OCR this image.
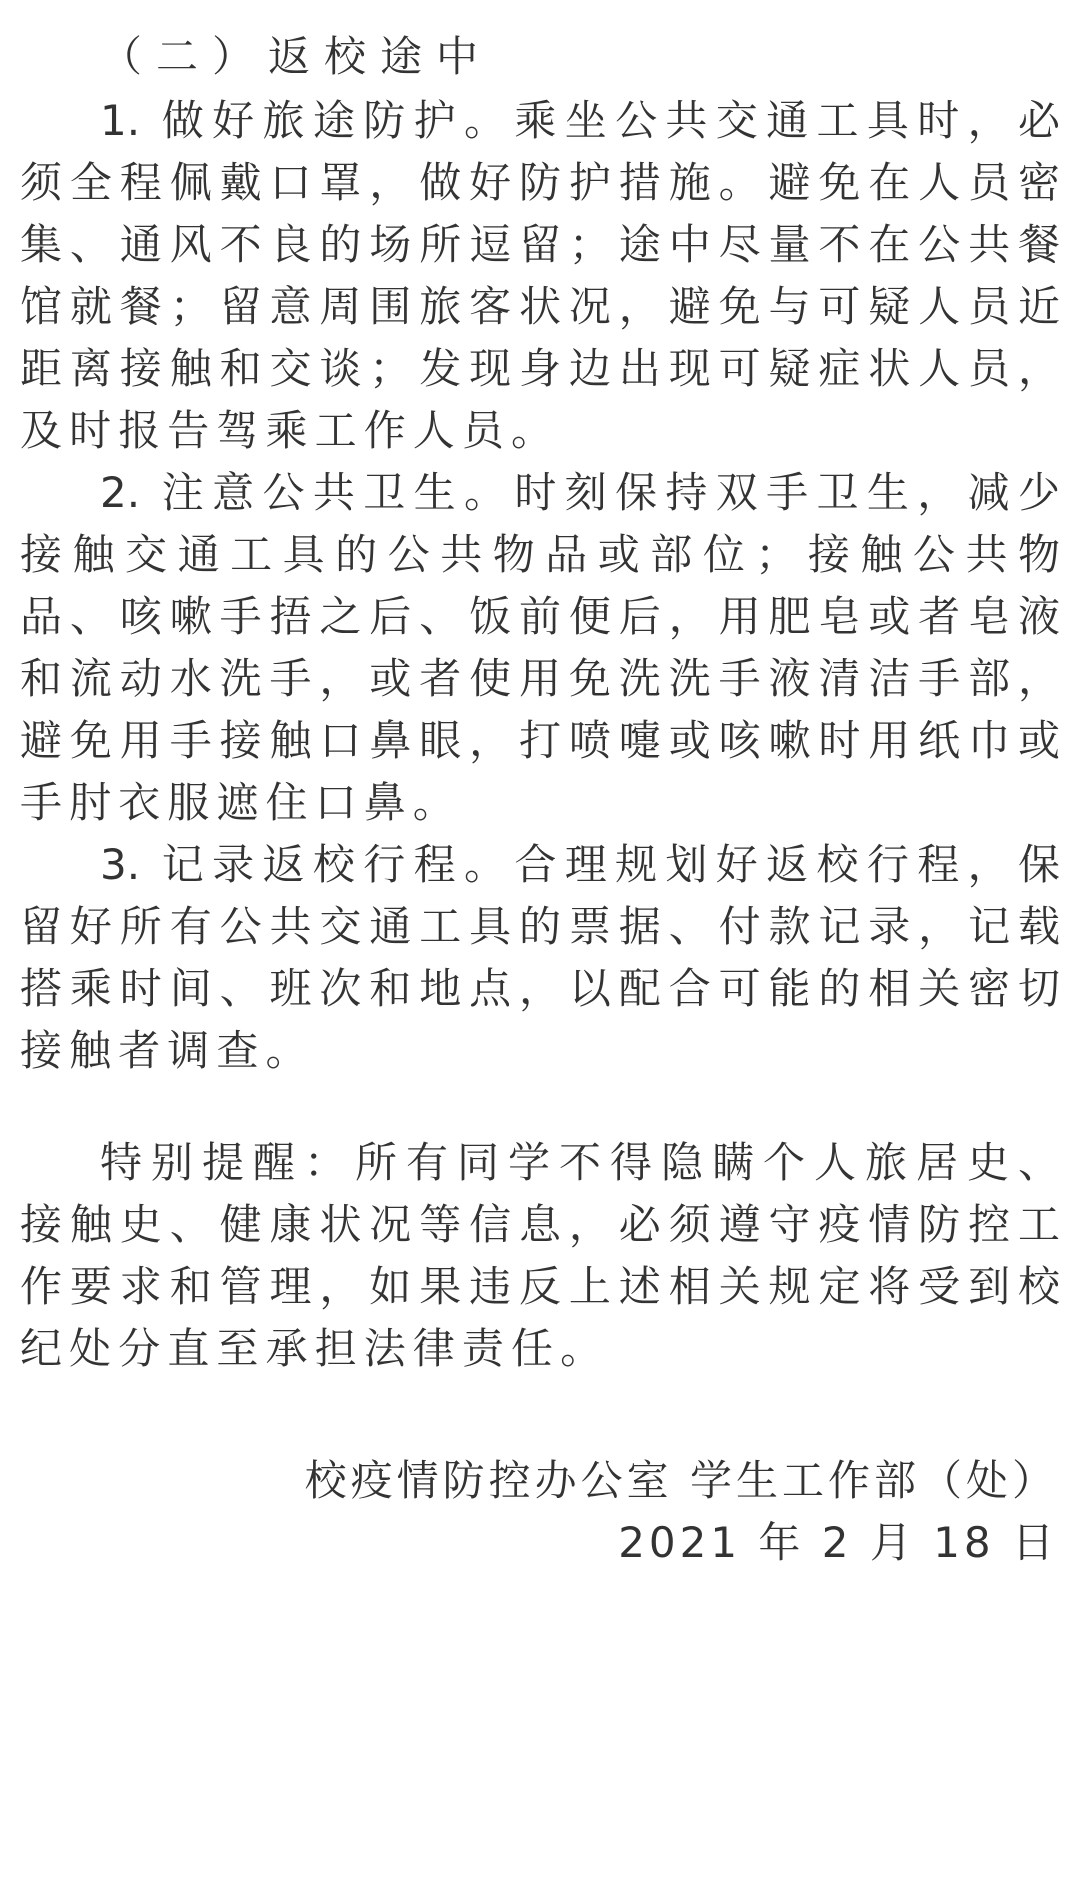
（二）返校途中
1. 做好旅途防护。乘坐公共交通工具时，必
须全程佩戴口罩，做好防护措施。避免在人员密
集、通风不良的场所逗留；途中尽量不在公共餐
馆就餐；留意周围旅客状况，避免与可疑人员近
距离接触和交谈；发现身边出现可疑症状人员，
及时报告驾乘工作人员。
2. 注意公共卫生。时刻保持双手卫生，减少
接触交通工具的公共物品或部位；接触公共物
品、咳嗽手捂之后、饭前便后，用肥皂或者皂液
和流动水洗手，或者使用免洗洗手液清洁手部，
避免用手接触口鼻眼，打喷嚏或咳嗽时用纸巾或
手肘衣服遮住口鼻。
3. 记录返校行程。合理规划好返校行程，保
留好所有公共交通工具的票据、付款记录，记载
搭乘时间、班次和地点，以配合可能的相关密切
接触者调查。
特别提醒：所有同学不得隐瞒个人旅居史、
接触史、健康状况等信息，必须遵守疫情防控工
作要求和管理，如果违反上述相关规定将受到校
纪处分直至承担法律责任。
校疫情防控办公室 学生工作部（处）
2021 年 2 月 18 日
